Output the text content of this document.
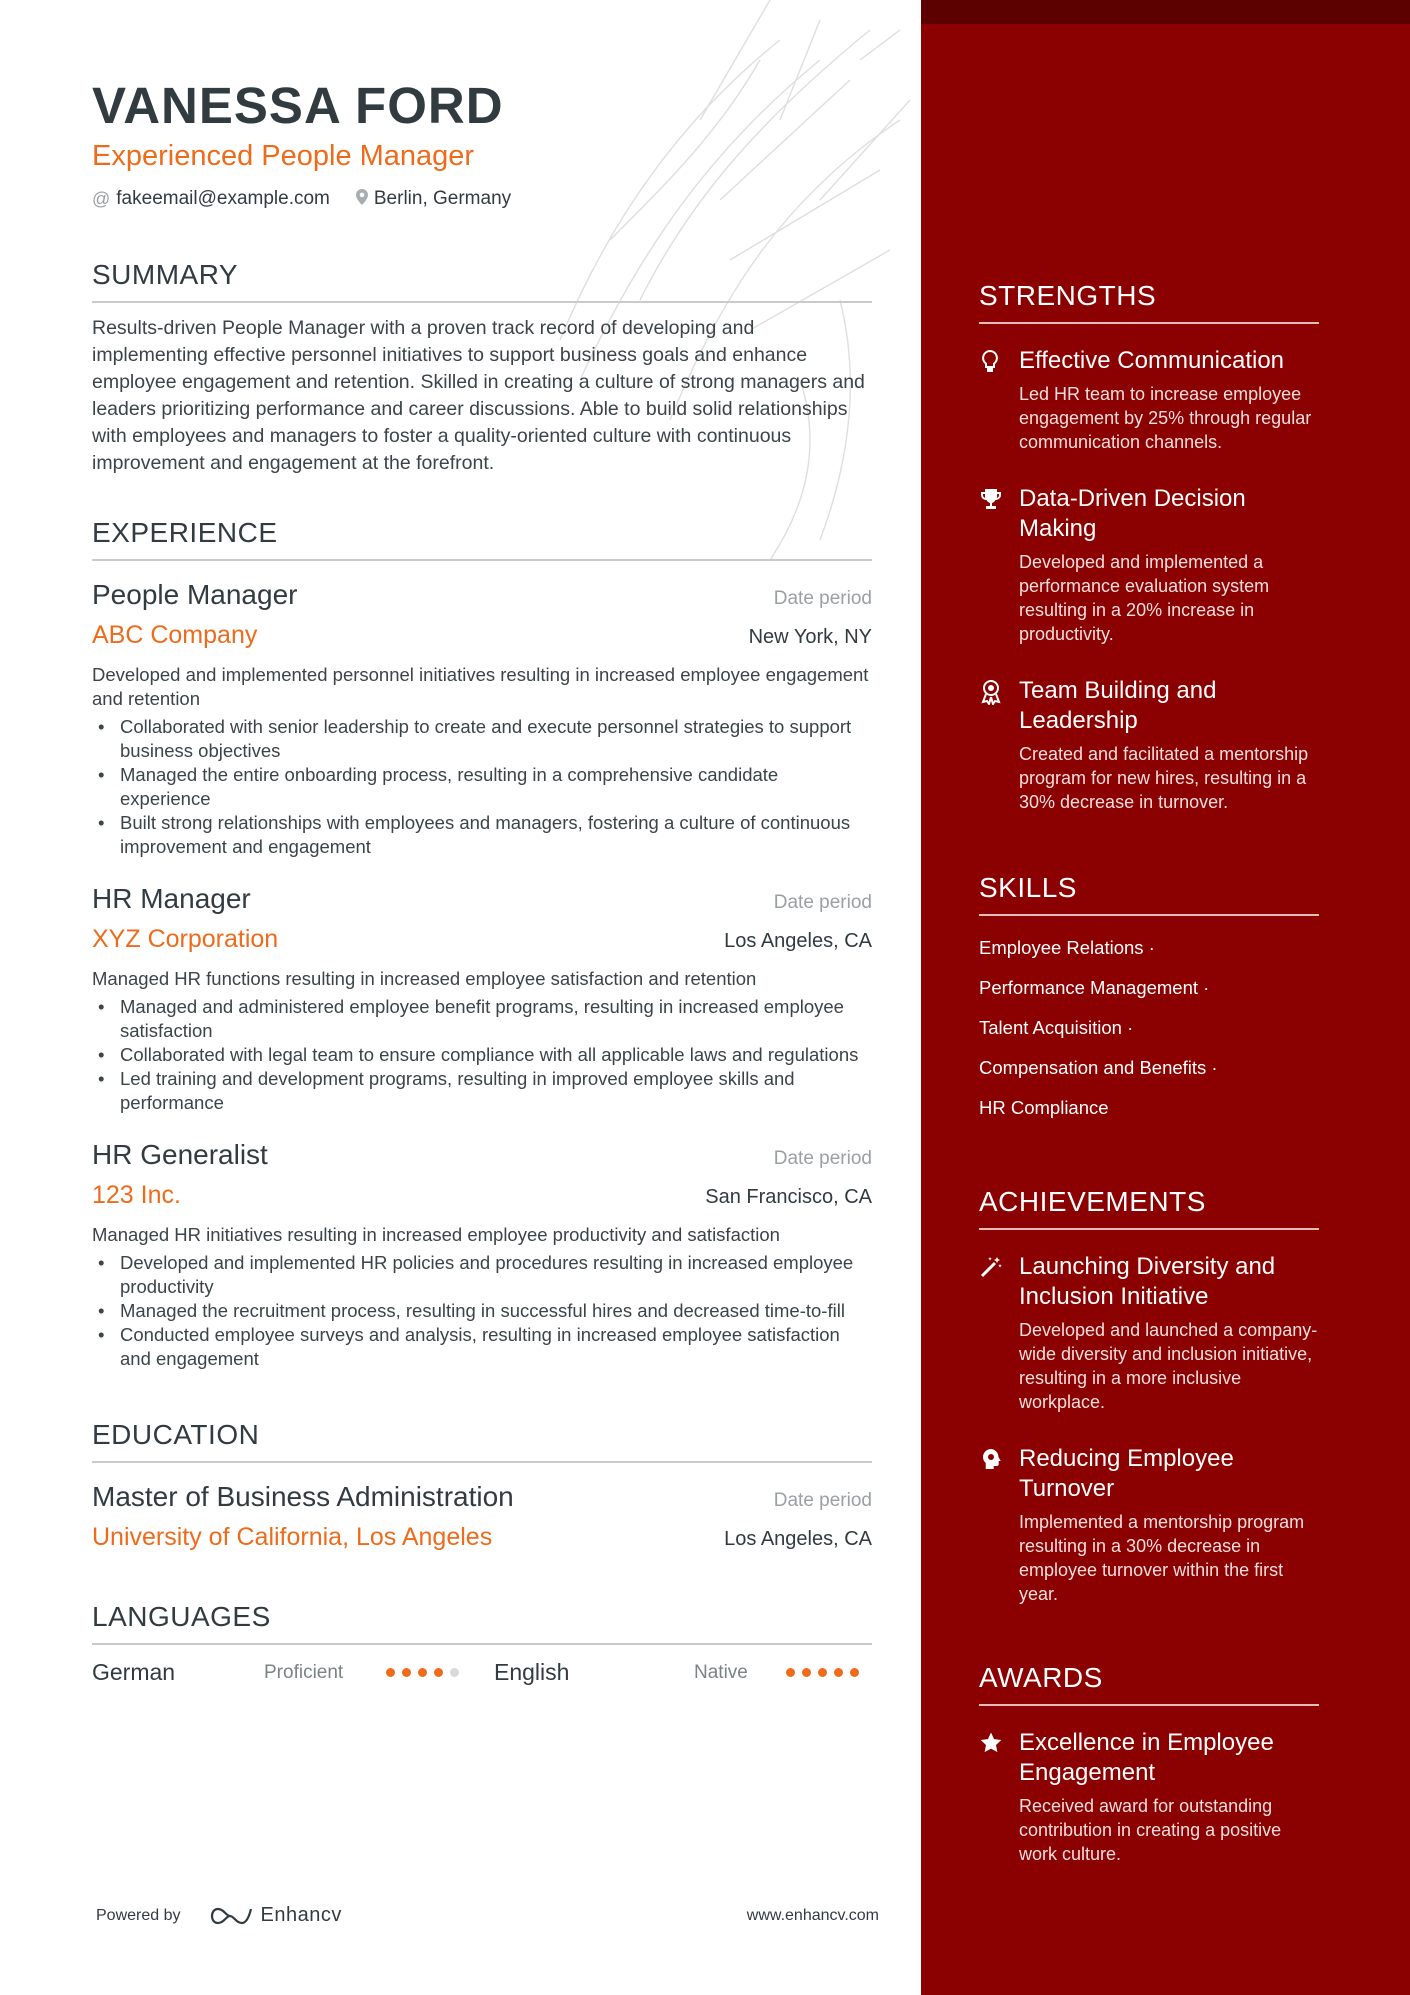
VANESSA FORD
Experienced People Manager
@ fakeemail@example.com Berlin, Germany
SUMMARY
Results-driven People Manager with a proven track record of developing and implementing effective personnel initiatives to support business goals and enhance employee engagement and retention. Skilled in creating a culture of strong managers and leaders prioritizing performance and career discussions. Able to build solid relationships with employees and managers to foster a quality-oriented culture with continuous improvement and engagement at the forefront.
EXPERIENCE
People Manager	Date period
ABC Company	New York, NY
Developed and implemented personnel initiatives resulting in increased employee engagement and retention
• Collaborated with senior leadership to create and execute personnel strategies to support business objectives
• Managed the entire onboarding process, resulting in a comprehensive candidate experience
• Built strong relationships with employees and managers, fostering a culture of continuous improvement and engagement
HR Manager	Date period
XYZ Corporation	Los Angeles, CA
Managed HR functions resulting in increased employee satisfaction and retention
• Managed and administered employee benefit programs, resulting in increased employee satisfaction
• Collaborated with legal team to ensure compliance with all applicable laws and regulations
• Led training and development programs, resulting in improved employee skills and performance
HR Generalist	Date period
123 Inc.	San Francisco, CA
Managed HR initiatives resulting in increased employee productivity and satisfaction
• Developed and implemented HR policies and procedures resulting in increased employee productivity
• Managed the recruitment process, resulting in successful hires and decreased time-to-fill
• Conducted employee surveys and analysis, resulting in increased employee satisfaction and engagement
EDUCATION
Master of Business Administration	Date period
University of California, Los Angeles	Los Angeles, CA
LANGUAGES
German	Proficient	English	Native
Powered by	Enhancv	www.enhancv.com
STRENGTHS
Effective Communication
Led HR team to increase employee engagement by 25% through regular communication channels.
Data-Driven Decision Making
Developed and implemented a performance evaluation system resulting in a 20% increase in productivity.
Team Building and Leadership
Created and facilitated a mentorship program for new hires, resulting in a 30% decrease in turnover.
SKILLS
Employee Relations ·
Performance Management ·
Talent Acquisition ·
Compensation and Benefits ·
HR Compliance
ACHIEVEMENTS
Launching Diversity and Inclusion Initiative
Developed and launched a company-wide diversity and inclusion initiative, resulting in a more inclusive workplace.
Reducing Employee Turnover
Implemented a mentorship program resulting in a 30% decrease in employee turnover within the first year.
AWARDS
Excellence in Employee Engagement
Received award for outstanding contribution in creating a positive work culture.
